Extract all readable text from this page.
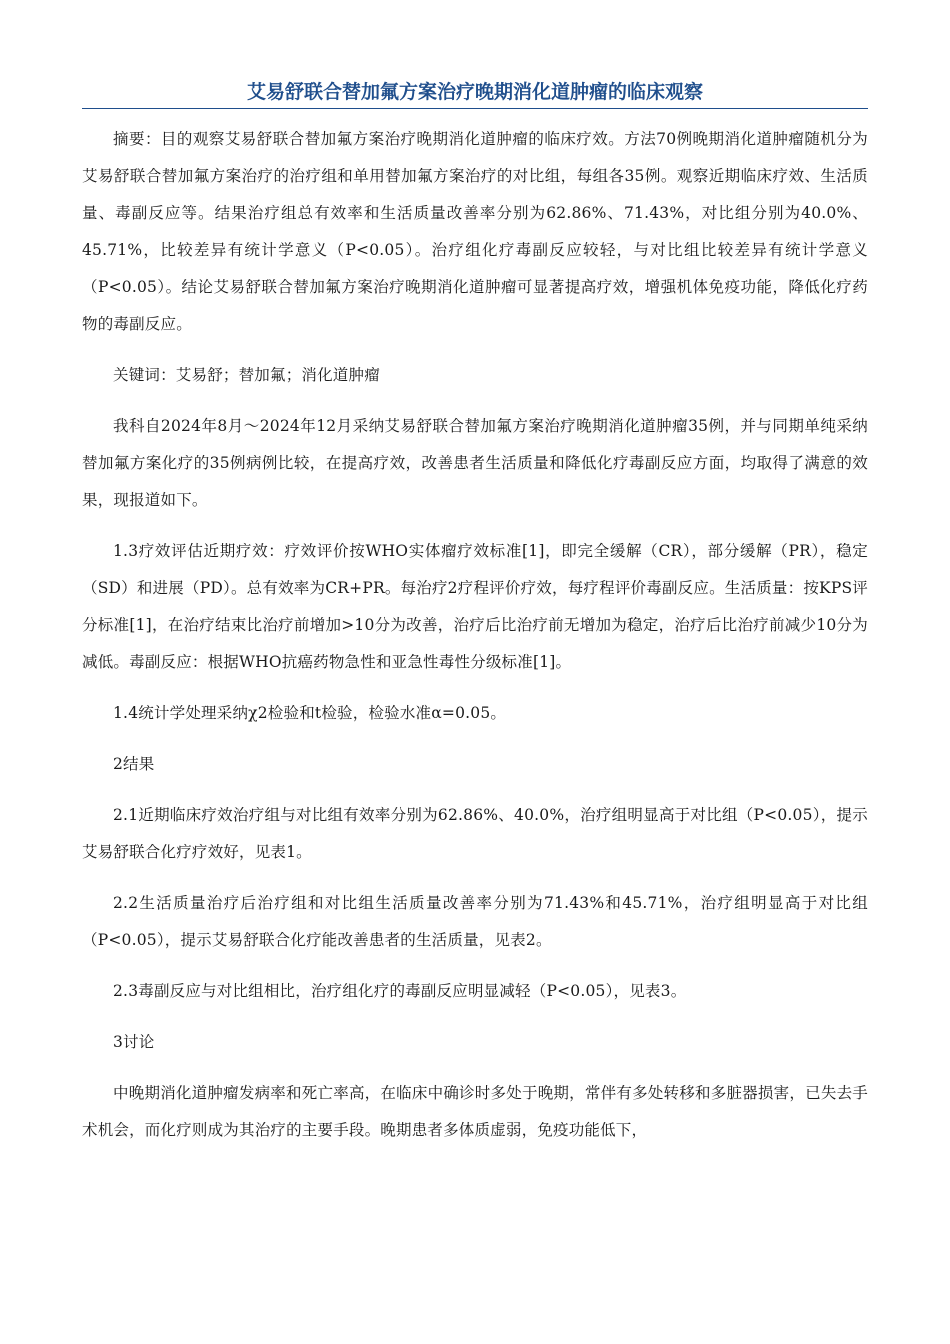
艾易舒联合替加氟方案治疗晚期消化道肿瘤的临床观察

摘要：目的观察艾易舒联合替加氟方案治疗晚期消化道肿瘤的临床疗效。方法70例晚期消化道肿瘤随机分为艾易舒联合替加氟方案治疗的治疗组和单用替加氟方案治疗的对比组，每组各35例。观察近期临床疗效、生活质量、毒副反应等。结果治疗组总有效率和生活质量改善率分别为62.86%、71.43%，对比组分别为40.0%、45.71%，比较差异有统计学意义（P<0.05）。治疗组化疗毒副反应较轻，与对比组比较差异有统计学意义（P<0.05）。结论艾易舒联合替加氟方案治疗晚期消化道肿瘤可显著提高疗效，增强机体免疫功能，降低化疗药物的毒副反应。

关键词：艾易舒；替加氟；消化道肿瘤

我科自2024年8月～2024年12月采纳艾易舒联合替加氟方案治疗晚期消化道肿瘤35例，并与同期单纯采纳替加氟方案化疗的35例病例比较，在提高疗效，改善患者生活质量和降低化疗毒副反应方面，均取得了满意的效果，现报道如下。

1.3疗效评估近期疗效：疗效评价按WHO实体瘤疗效标准[1]，即完全缓解（CR），部分缓解（PR），稳定（SD）和进展（PD）。总有效率为CR+PR。每治疗2疗程评价疗效，每疗程评价毒副反应。生活质量：按KPS评分标准[1]，在治疗结束比治疗前增加>10分为改善，治疗后比治疗前无增加为稳定，治疗后比治疗前减少10分为减低。毒副反应：根据WHO抗癌药物急性和亚急性毒性分级标准[1]。

1.4统计学处理采纳χ2检验和t检验，检验水准α=0.05。

2结果

2.1近期临床疗效治疗组与对比组有效率分别为62.86%、40.0%，治疗组明显高于对比组（P<0.05），提示艾易舒联合化疗疗效好，见表1。

2.2生活质量治疗后治疗组和对比组生活质量改善率分别为71.43%和45.71%，治疗组明显高于对比组（P<0.05），提示艾易舒联合化疗能改善患者的生活质量，见表2。

2.3毒副反应与对比组相比，治疗组化疗的毒副反应明显减轻（P<0.05），见表3。

3讨论

中晚期消化道肿瘤发病率和死亡率高，在临床中确诊时多处于晚期，常伴有多处转移和多脏器损害，已失去手术机会，而化疗则成为其治疗的主要手段。晚期患者多体质虚弱，免疫功能低下，
